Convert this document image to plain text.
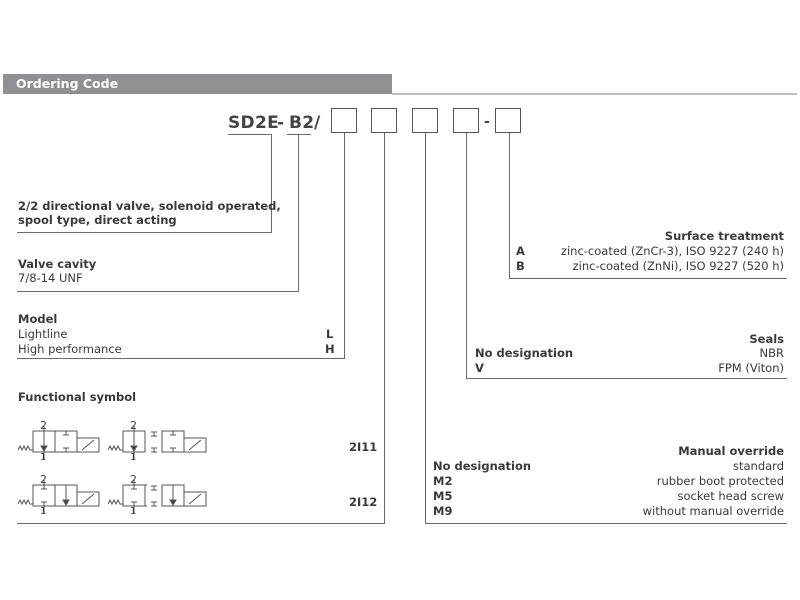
Ordering Code
SD2E
- B2 /	-
2/2 directional valve, solenoid operated,
spool type, direct acting
Valve cavity
7/8-14 UNF
Model
Lightline	L
High performance	H
Functional symbol
2I11
2I12
2	2
2	2
1	1
1	1
Manual override
No designation	standard
M2	rubber boot protected
M5	socket head screw
M9	without manual override
Seals
No designation	NBR
V	FPM (Viton)
Surface treatment
A	zinc-coated (ZnCr-3), ISO 9227 (240 h)
B	zinc-coated (ZnNi), ISO 9227 (520 h)
